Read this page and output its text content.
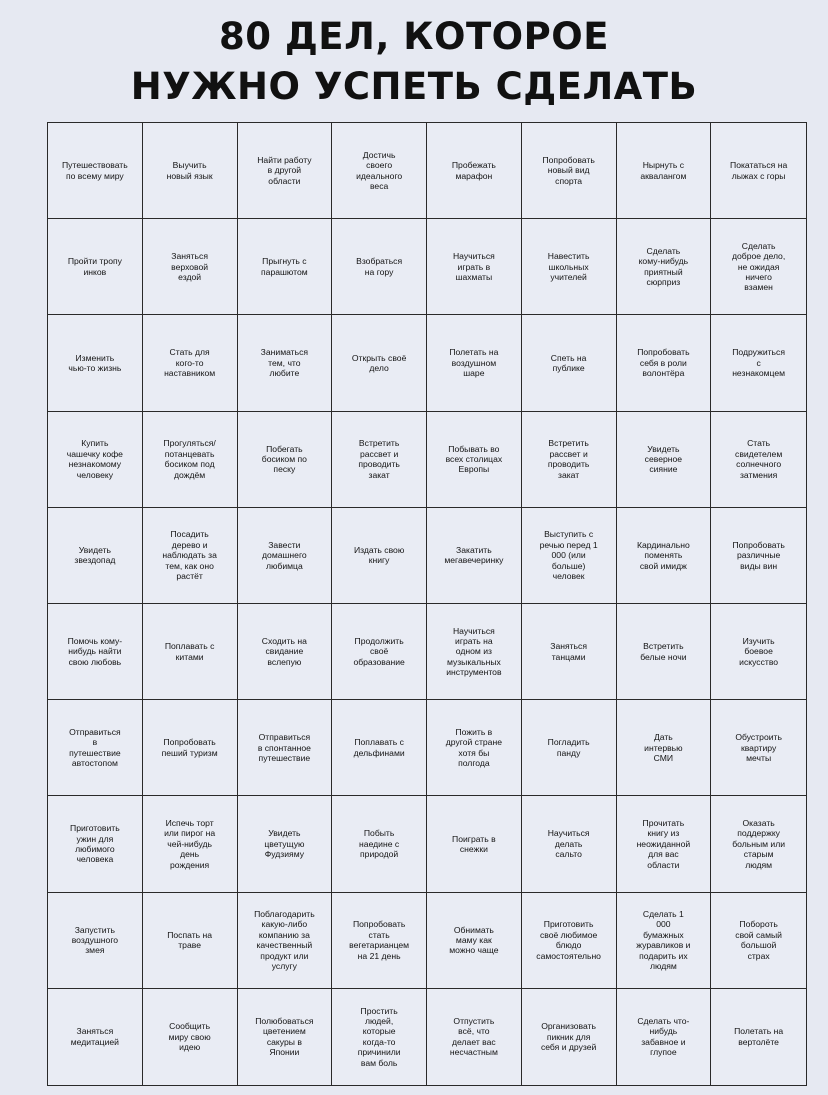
80 ДЕЛ, КОТОРОЕ
НУЖНО УСПЕТЬ СДЕЛАТЬ
Путешествовать
по всему миру
Выучить
новый язык
Найти работу
в другой
области
Достичь
своего
идеального
веса
Пробежать
марафон
Попробовать
новый вид
спорта
Нырнуть с
аквалангом
Покататься на
лыжах с горы
Пройти тропу
инков
Заняться
верховой
ездой
Прыгнуть с
парашютом
Взобраться
на гору
Научиться
играть в
шахматы
Навестить
школьных
учителей
Сделать
кому-нибудь
приятный
сюрприз
Сделать
доброе дело,
не ожидая
ничего
взамен
Изменить
чью-то жизнь
Стать для
кого-то
наставником
Заниматься
тем, что
любите
Открыть своё
дело
Полетать на
воздушном
шаре
Спеть на
публике
Попробовать
себя в роли
волонтёра
Подружиться
с
незнакомцем
Купить
чашечку кофе
незнакомому
человеку
Прогуляться/
потанцевать
босиком под
дождём
Побегать
босиком по
песку
Встретить
рассвет и
проводить
закат
Побывать во
всех столицах
Европы
Встретить
рассвет и
проводить
закат
Увидеть
северное
сияние
Стать
свидетелем
солнечного
затмения
Увидеть
звездопад
Посадить
дерево и
наблюдать за
тем, как оно
растёт
Завести
домашнего
любимца
Издать свою
книгу
Закатить
мегавечеринку
Выступить с
речью перед 1
000 (или
больше)
человек
Кардинально
поменять
свой имидж
Попробовать
различные
виды вин
Помочь кому-
нибудь найти
свою любовь
Поплавать с
китами
Сходить на
свидание
вслепую
Продолжить
своё
образование
Научиться
играть на
одном из
музыкальных
инструментов
Заняться
танцами
Встретить
белые ночи
Изучить
боевое
искусство
Отправиться
в
путешествие
автостопом
Попробовать
пеший туризм
Отправиться
в спонтанное
путешествие
Поплавать с
дельфинами
Пожить в
другой стране
хотя бы
полгода
Погладить
панду
Дать
интервью
СМИ
Обустроить
квартиру
мечты
Приготовить
ужин для
любимого
человека
Испечь торт
или пирог на
чей-нибудь
день
рождения
Увидеть
цветущую
Фудзияму
Побыть
наедине с
природой
Поиграть в
снежки
Научиться
делать
сальто
Прочитать
книгу из
неожиданной
для вас
области
Оказать
поддержку
больным или
старым
людям
Запустить
воздушного
змея
Поспать на
траве
Поблагодарить
какую-либо
компанию за
качественный
продукт или
услугу
Попробовать
стать
вегетарианцем
на 21 день
Обнимать
маму как
можно чаще
Приготовить
своё любимое
блюдо
самостоятельно
Сделать 1
000
бумажных
журавликов и
подарить их
людям
Побороть
свой самый
большой
страх
Заняться
медитацией
Сообщить
миру свою
идею
Полюбоваться
цветением
сакуры в
Японии
Простить
людей,
которые
когда-то
причинили
вам боль
Отпустить
всё, что
делает вас
несчастным
Организовать
пикник для
себя и друзей
Сделать что-
нибудь
забавное и
глупое
Полетать на
вертолёте
